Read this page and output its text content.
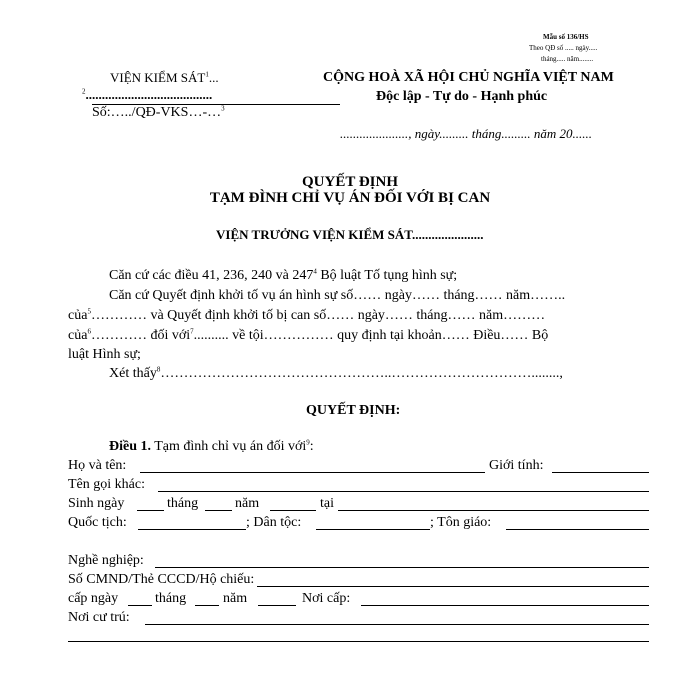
Mẫu số 136/HS
Theo QĐ số ..... ngày.....
tháng..... năm........
VIỆN KIỂM SÁT$^1$...
$^2$.......................................
Số:…../QĐ-VKS…-…$^3$
CỘNG HOÀ XÃ HỘI CHỦ NGHĨA VIỆT NAM
Độc lập - Tự do - Hạnh phúc
....................., ngày......... tháng......... năm 20......
QUYẾT ĐỊNH
TẠM ĐÌNH CHỈ VỤ ÁN ĐỐI VỚI BỊ CAN
VIỆN TRƯỞNG VIỆN KIỂM SÁT......................
Căn cứ các điều 41, 236, 240 và $247^4$ Bộ luật Tố tụng hình sự;
Căn cứ Quyết định khởi tố vụ án hình sự số…… ngày…… tháng…… năm……..
của$^5$………… và Quyết định khởi tố bị can số…… ngày…… tháng…… năm………
của$^6$………… đối với$^7$.......... về tội…………… quy định tại khoản…… Điều…… Bộ
luật Hình sự;
Xét thấy$^8$…………………………………………..…………………………........,
QUYẾT ĐỊNH:
Điều 1. Tạm đình chỉ vụ án đối với$^9$:
Họ và tên:	Giới tính:
Tên gọi khác:
Sinh ngày	tháng	năm	tại
Quốc tịch:	; Dân tộc:	; Tôn giáo:
Nghề nghiệp:
Số CMND/Thẻ CCCD/Hộ chiếu:
cấp ngày	tháng	năm	Nơi cấp:
Nơi cư trú:
